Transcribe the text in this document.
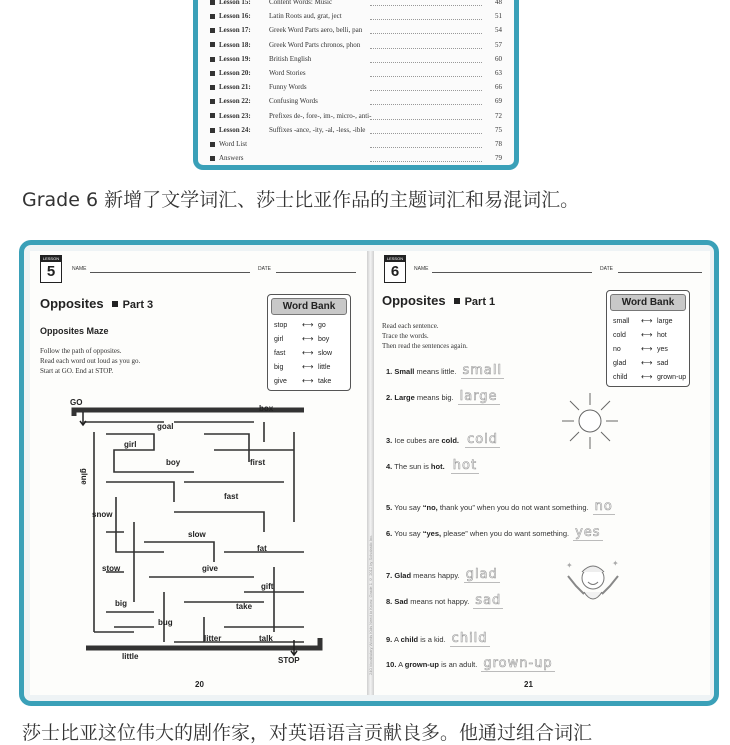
Lesson 15:	Content Words: Music	48
Lesson 16:	Latin Roots aud, grat, ject	51
Lesson 17:	Greek Word Parts aero, belli, pan	54
Lesson 18:	Greek Word Parts chronos, phon	57
Lesson 19:	British English	60
Lesson 20:	Word Stories	63
Lesson 21:	Funny Words	66
Lesson 22:	Confusing Words	69
Lesson 23:	Prefixes de-, fore-, im-, micro-, anti-	72
Lesson 24:	Suffixes -ance, -ity, -al, -less, -ible	75
Word List	78
Answers	79
Grade 6 新增了文学词汇、莎士比亚作品的主题词汇和易混词汇。
LESSON
5	NAME	DATE
Opposites Part 3
Opposites Maze
Follow the path of opposites.
Read each word out loud as you go.
Start at GO. End at STOP.
Word Bank
stop ⟷ go
girl ⟷ boy
fast ⟷ slow
big ⟷ little
give ⟷ take
GO
STOP
box
goal
girl
glue
boy	first
fast
snow
slow
fat
stow	give
gift
big
bug
take
litter	talk
little
20
240 Vocabulary Words Kids Need to Know: Grade 1 © 2012 by Scholastic Inc.
LESSON
6	NAME	DATE
Opposites Part 1
Read each sentence.
Trace the words.
Then read the sentences again.
Word Bank
small ⟷ large
cold ⟷ hot
no	⟷ yes
glad ⟷ sad
child ⟷ grown-up
✦	✦
1. Small means little. small
2. Large means big. large
3. Ice cubes are cold. cold
4. The sun is hot. hot
5. You say “no, thank you” when you do not want something. no
6. You say “yes, please” when you do want something. yes
7. Glad means happy. glad
8. Sad means not happy. sad
9. A child is a kid. child
10. A grown-up is an adult. grown-up
21
莎士比亚这位伟大的剧作家，对英语语言贡献良多。他通过组合词汇
